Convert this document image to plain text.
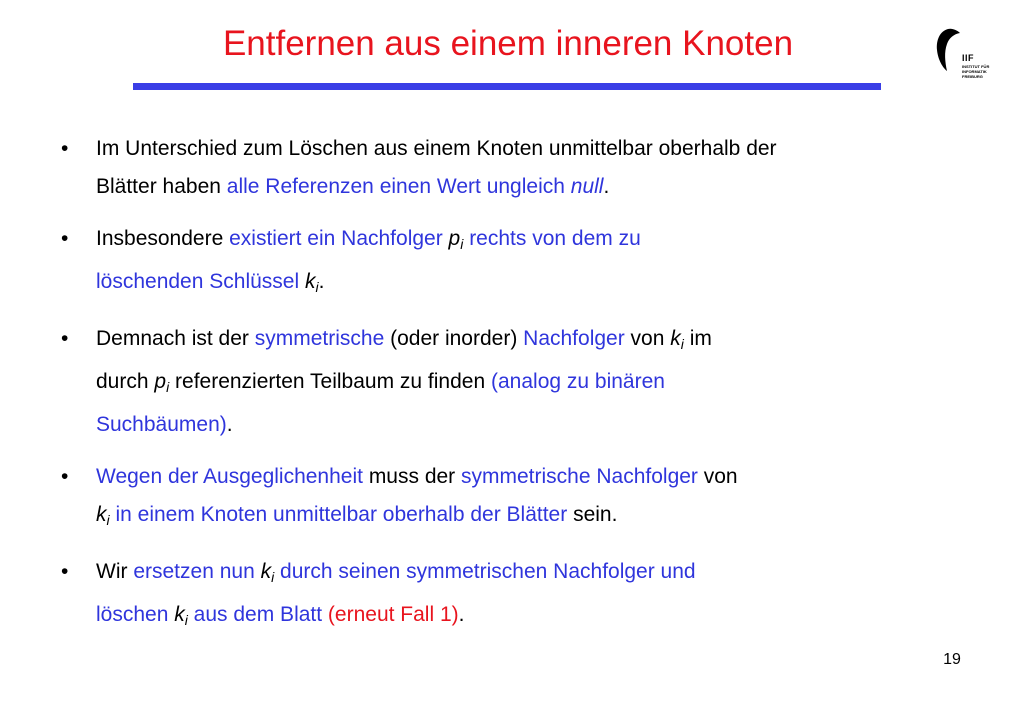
Entfernen aus einem inneren Knoten	IIF
INSTITUT FÜR
INFORMATIK
FREIBURG
• Im Unterschied zum Löschen aus einem Knoten unmittelbar oberhalb der
Blätter haben alle Referenzen einen Wert ungleich null.
• Insbesondere existiert ein Nachfolger $p_i$ rechts von dem zu
löschenden Schlüssel $k_i$.
• Demnach ist der symmetrische (oder inorder) Nachfolger von $k_i$ im
durch $p_i$ referenzierten Teilbaum zu finden (analog zu binären
Suchbäumen).
• Wegen der Ausgeglichenheit muss der symmetrische Nachfolger von
$k_i$ in einem Knoten unmittelbar oberhalb der Blätter sein.
• Wir ersetzen nun $k_i$ durch seinen symmetrischen Nachfolger und
löschen $k_i$ aus dem Blatt (erneut Fall 1).
19
